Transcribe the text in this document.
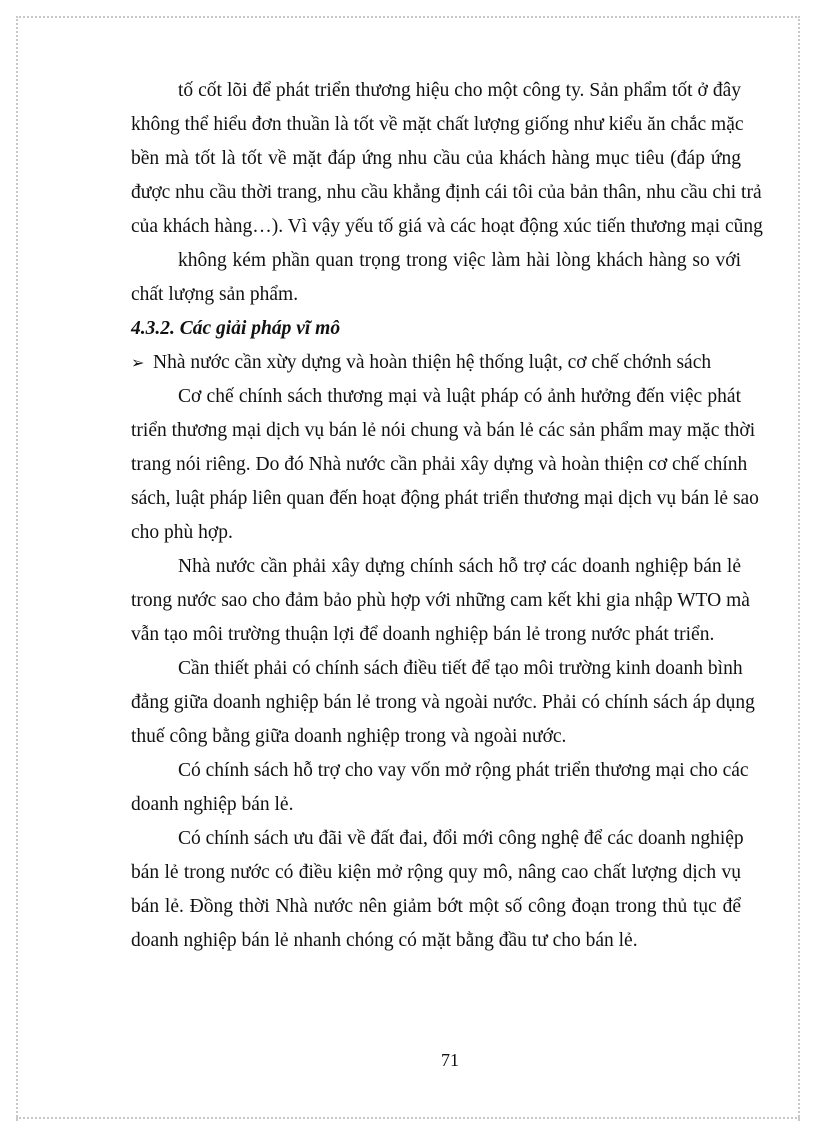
tố cốt lõi để phát triển thương hiệu cho một công ty. Sản phẩm tốt ở đây
không thể hiểu đơn thuần là tốt về mặt chất lượng giống như kiểu ăn chắc mặc
bền mà tốt là tốt về mặt đáp ứng nhu cầu của khách hàng mục tiêu (đáp ứng
được nhu cầu thời trang, nhu cầu khẳng định cái tôi của bản thân, nhu cầu chi trả
của khách hàng…). Vì vậy yếu tố giá và các hoạt động xúc tiến thương mại cũng
không kém phần quan trọng trong việc làm hài lòng khách hàng so với
chất lượng sản phẩm.
4.3.2. Các giải pháp vĩ mô
➢ Nhà nước cần xừy dựng và hoàn thiện hệ thống luật, cơ chế chớnh sách
Cơ chế chính sách thương mại và luật pháp có ảnh hưởng đến việc phát
triển thương mại dịch vụ bán lẻ nói chung và bán lẻ các sản phẩm may mặc thời
trang nói riêng. Do đó Nhà nước cần phải xây dựng và hoàn thiện cơ chế chính
sách, luật pháp liên quan đến hoạt động phát triển thương mại dịch vụ bán lẻ sao
cho phù hợp.
Nhà nước cần phải xây dựng chính sách hỗ trợ các doanh nghiệp bán lẻ
trong nước sao cho đảm bảo phù hợp với những cam kết khi gia nhập WTO mà
vẫn tạo môi trường thuận lợi để doanh nghiệp bán lẻ trong nước phát triển.
Cần thiết phải có chính sách điều tiết để tạo môi trường kinh doanh bình
đẳng giữa doanh nghiệp bán lẻ trong và ngoài nước. Phải có chính sách áp dụng
thuế công bằng giữa doanh nghiệp trong và ngoài nước.
Có chính sách hỗ trợ cho vay vốn mở rộng phát triển thương mại cho các
doanh nghiệp bán lẻ.
Có chính sách ưu đãi về đất đai, đổi mới công nghệ để các doanh nghiệp
bán lẻ trong nước có điều kiện mở rộng quy mô, nâng cao chất lượng dịch vụ
bán lẻ. Đồng thời Nhà nước nên giảm bớt một số công đoạn trong thủ tục để
doanh nghiệp bán lẻ nhanh chóng có mặt bằng đầu tư cho bán lẻ.
71
